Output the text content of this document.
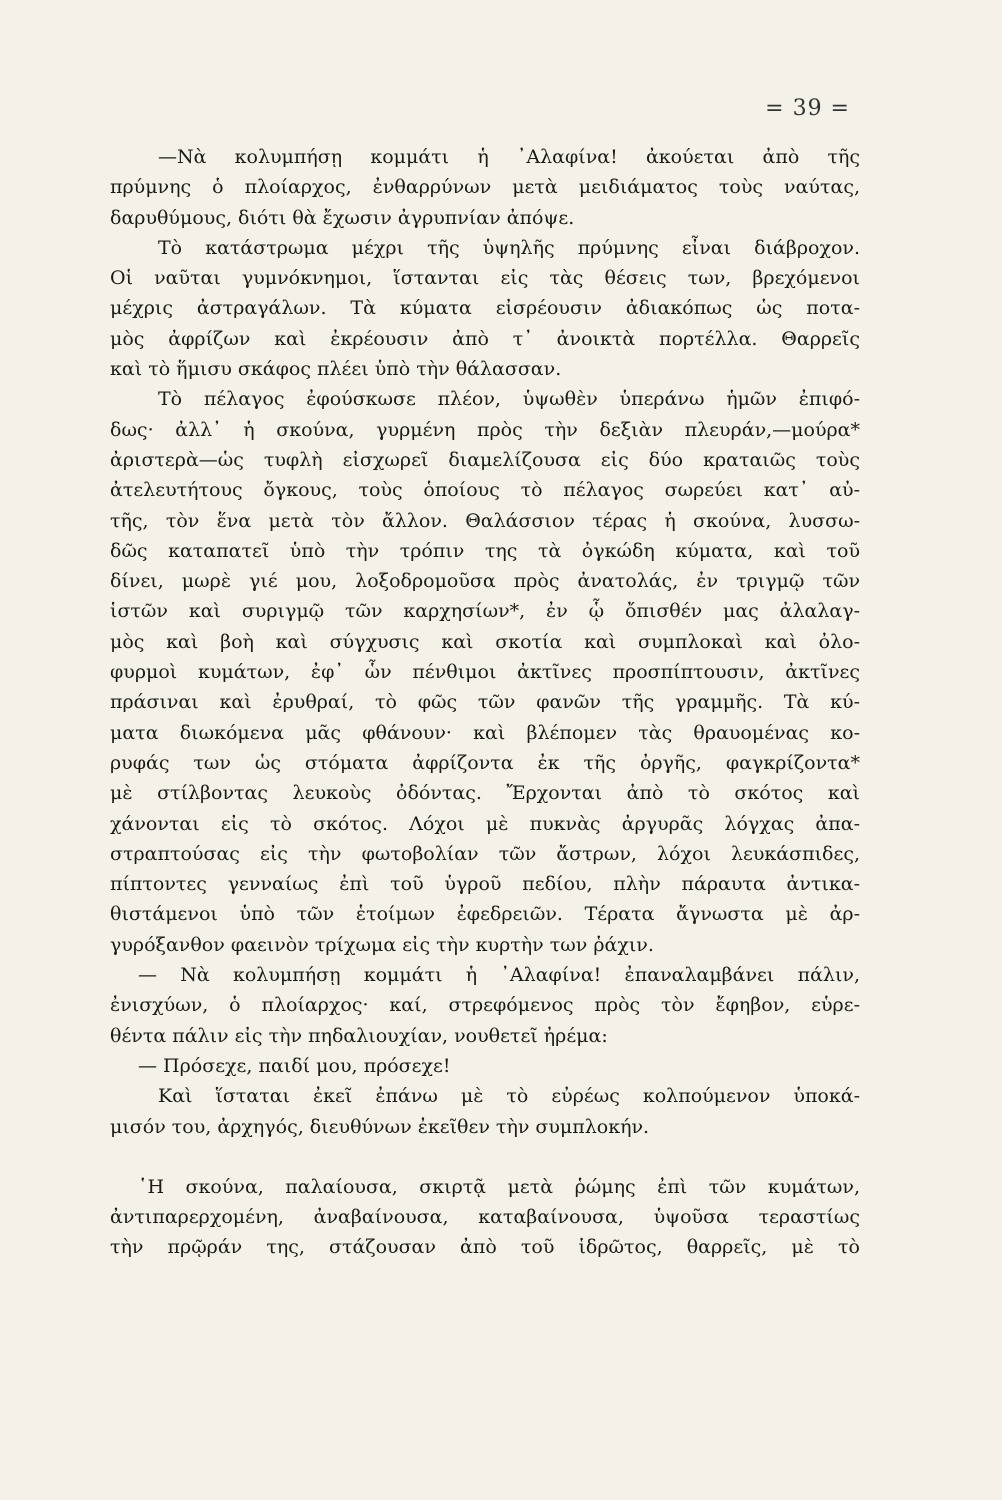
= 39 =
—Νὰ κολυμπήσῃ κομμάτι ἡ ᾿Αλαφίνα! ἀκούεται ἀπὸ τῆς
πρύμνης ὁ πλοίαρχος, ἐνθαρρύνων μετὰ μειδιάματος τοὺς ναύτας,
δαρυθύμους, διότι θὰ ἔχωσιν ἀγρυπνίαν ἀπόψε.
Τὸ κατάστρωμα μέχρι τῆς ὑψηλῆς πρύμνης εἶναι διάβροχον.
Οἱ ναῦται γυμνόκνημοι, ἵστανται εἰς τὰς θέσεις των, βρεχόμενοι
μέχρις ἀστραγάλων. Τὰ κύματα εἰσρέουσιν ἀδιακόπως ὡς ποτα-
μὸς ἀφρίζων καὶ ἐκρέουσιν ἀπὸ τ᾿ ἀνοικτὰ πορτέλλα. Θαρρεῖς
καὶ τὸ ἥμισυ σκάφος πλέει ὑπὸ τὴν θάλασσαν.
Τὸ πέλαγος ἐφούσκωσε πλέον, ὑψωθὲν ὑπεράνω ἡμῶν ἐπιφό-
δως· ἀλλ᾿ ἡ σκούνα, γυρμένη πρὸς τὴν δεξιὰν πλευράν,—μούρα*
ἀριστερὰ—ὡς τυφλὴ εἰσχωρεῖ διαμελίζουσα εἰς δύο κραταιῶς τοὺς
ἀτελευτήτους ὄγκους, τοὺς ὁποίους τὸ πέλαγος σωρεύει κατ᾿ αὐ-
τῆς, τὸν ἕνα μετὰ τὸν ἄλλον. Θαλάσσιον τέρας ἡ σκούνα, λυσσω-
δῶς καταπατεῖ ὑπὸ τὴν τρόπιν της τὰ ὀγκώδη κύματα, καὶ τοῦ
δίνει, μωρὲ γιέ μου, λοξοδρομοῦσα πρὸς ἀνατολάς, ἐν τριγμῷ τῶν
ἱστῶν καὶ συριγμῷ τῶν καρχησίων*, ἐν ᾧ ὄπισθέν μας ἀλαλαγ-
μὸς καὶ βοὴ καὶ σύγχυσις καὶ σκοτία καὶ συμπλοκαὶ καὶ ὀλο-
φυρμοὶ κυμάτων, ἐφ᾿ ὧν πένθιμοι ἀκτῖνες προσπίπτουσιν, ἀκτῖνες
πράσιναι καὶ ἐρυθραί, τὸ φῶς τῶν φανῶν τῆς γραμμῆς. Τὰ κύ-
ματα διωκόμενα μᾶς φθάνουν· καὶ βλέπομεν τὰς θραυομένας κο-
ρυφάς των ὡς στόματα ἀφρίζοντα ἐκ τῆς ὀργῆς, φαγκρίζοντα*
μὲ στίλβοντας λευκοὺς ὀδόντας. Ἔρχονται ἀπὸ τὸ σκότος καὶ
χάνονται εἰς τὸ σκότος. Λόχοι μὲ πυκνὰς ἀργυρᾶς λόγχας ἀπα-
στραπτούσας εἰς τὴν φωτοβολίαν τῶν ἄστρων, λόχοι λευκάσπιδες,
πίπτοντες γενναίως ἐπὶ τοῦ ὑγροῦ πεδίου, πλὴν πάραυτα ἀντικα-
θιστάμενοι ὑπὸ τῶν ἑτοίμων ἐφεδρειῶν. Τέρατα ἄγνωστα μὲ ἀρ-
γυρόξανθον φαεινὸν τρίχωμα εἰς τὴν κυρτὴν των ῥάχιν.
— Νὰ κολυμπήσῃ κομμάτι ἡ ᾿Αλαφίνα! ἐπαναλαμβάνει πάλιν,
ἐνισχύων, ὁ πλοίαρχος· καί, στρεφόμενος πρὸς τὸν ἔφηβον, εὑρε-
θέντα πάλιν εἰς τὴν πηδαλιουχίαν, νουθετεῖ ἠρέμα:
— Πρόσεχε, παιδί μου, πρόσεχε!
Καὶ ἵσταται ἐκεῖ ἐπάνω μὲ τὸ εὐρέως κολπούμενον ὑποκά-
μισόν του, ἀρχηγός, διευθύνων ἐκεῖθεν τὴν συμπλοκήν.
῾Η σκούνα, παλαίουσα, σκιρτᾷ μετὰ ῥώμης ἐπὶ τῶν κυμάτων,
ἀντιπαρερχομένη, ἀναβαίνουσα, καταβαίνουσα, ὑψοῦσα τεραστίως
τὴν πρῷράν της, στάζουσαν ἀπὸ τοῦ ἱδρῶτος, θαρρεῖς, μὲ τὸ
